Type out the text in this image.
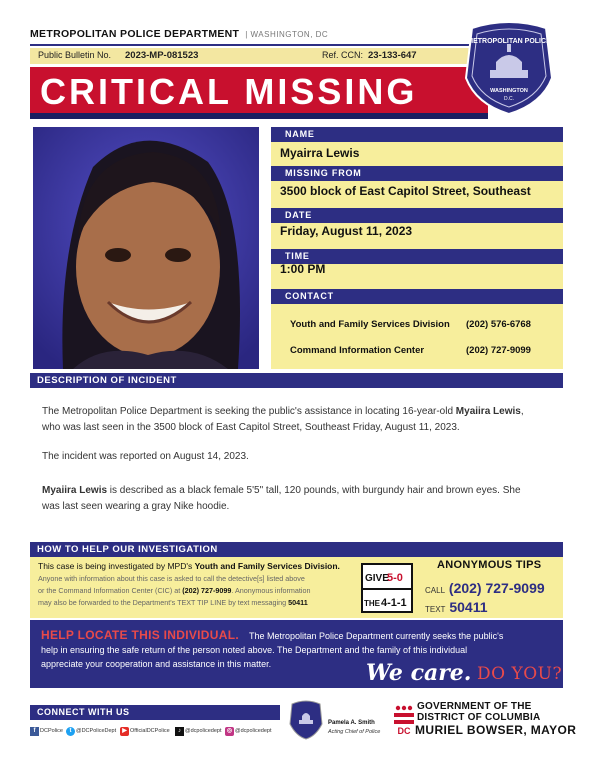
METROPOLITAN POLICE DEPARTMENT  | WASHINGTON, DC
Public Bulletin No. 2023-MP-081523	Ref. CCN: 23-133-647
CRITICAL MISSING
METROPOLITAN POLICE
WASHINGTON
D.C.
NAME
Myairra Lewis
MISSING FROM
3500 block of East Capitol Street, Southeast
DATE
Friday, August 11, 2023
TIME
1:00 PM
CONTACT
Youth and Family Services Division (202) 576-6768
Command Information Center	(202) 727-9099
DESCRIPTION OF INCIDENT
The Metropolitan Police Department is seeking the public's assistance in locating 16-year-old Myaiira Lewis,
who was last seen in the 3500 block of East Capitol Street, Southeast Friday, August 11, 2023.
The incident was reported on August 14, 2023.
Myaiira Lewis is described as a black female 5'5" tall, 120 pounds, with burgundy hair and brown eyes. She
was last seen wearing a gray Nike hoodie.
HOW TO HELP OUR INVESTIGATION
This case is being investigated by MPD's Youth and Family Services Division.
Anyone with information about this case is asked to call the detective[s] listed above
or the Command Information Center (CIC) at (202) 727-9099. Anonymous information
may also be forwarded to the Department's TEXT TIP LINE by text messaging 50411
GIVE
5-0
THE 4-1-1
ANONYMOUS TIPS
CALL (202) 727-9099
TEXT 50411
HELP LOCATE THIS INDIVIDUAL. The Metropolitan Police Department currently seeks the public's
help in ensuring the safe return of the person noted above. The Department and the family of this individual
appreciate your cooperation and assistance in this matter.	We care. DO YOU?
CONNECT WITH US
f DCPolice	t @DCPoliceDept	▶ OfficialDCPolice	♪ @dcpolicedept ◎ @dcpolicedept
Pamela A. Smith
Acting Chief of Police DC
GOVERNMENT OF THE
DISTRICT OF COLUMBIA
MURIEL BOWSER, MAYOR
